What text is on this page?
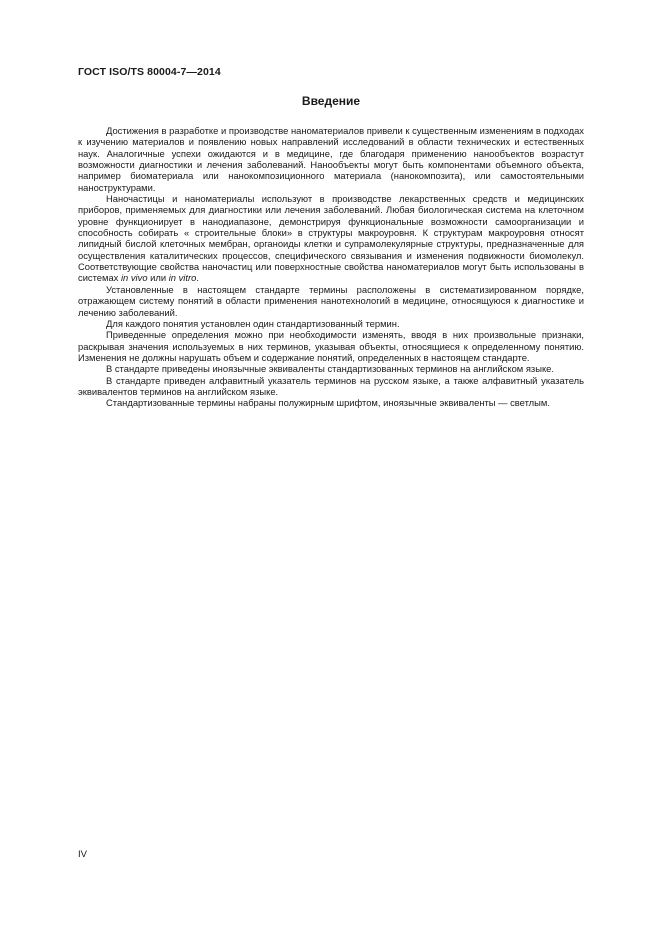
ГОСТ ISO/TS 80004-7—2014
Введение

Достижения в разработке и производстве наноматериалов привели к существенным изменениям в подходах к изучению материалов и появлению новых направлений исследований в области технических и естественных наук. Аналогичные успехи ожидаются и в медицине, где благодаря применению нанообъектов возрастут возможности диагностики и лечения заболеваний. Нанообъекты могут быть компонентами объемного объекта, например биоматериала или нанокомпозиционного материала (нанокомпозита), или самостоятельными наноструктурами.

Наночастицы и наноматериалы используют в производстве лекарственных средств и медицинских приборов, применяемых для диагностики или лечения заболеваний. Любая биологическая система на клеточном уровне функционирует в нанодиапазоне, демонстрируя функциональные возможности самоорганизации и способность собирать « строительные блоки» в структуры макроуровня. К структурам макроуровня относят липидный бислой клеточных мембран, органоиды клетки и супрамолекулярные структуры, предназначенные для осуществления каталитических процессов, специфического связывания и изменения подвижности биомолекул. Соответствующие свойства наночастиц или поверхностные свойства наноматериалов могут быть использованы в системах in vivo или in vitro.

Установленные в настоящем стандарте термины расположены в систематизированном порядке, отражающем систему понятий в области применения нанотехнологий в медицине, относящуюся к диагностике и лечению заболеваний.

Для каждого понятия установлен один стандартизованный термин.

Приведенные определения можно при необходимости изменять, вводя в них произвольные признаки, раскрывая значения используемых в них терминов, указывая объекты, относящиеся к определенному понятию. Изменения не должны нарушать объем и содержание понятий, определенных в настоящем стандарте.

В стандарте приведены иноязычные эквиваленты стандартизованных терминов на английском языке.

В стандарте приведен алфавитный указатель терминов на русском языке, а также алфавитный указатель эквивалентов терминов на английском языке.

Стандартизованные термины набраны полужирным шрифтом, иноязычные эквиваленты — светлым.

IV
